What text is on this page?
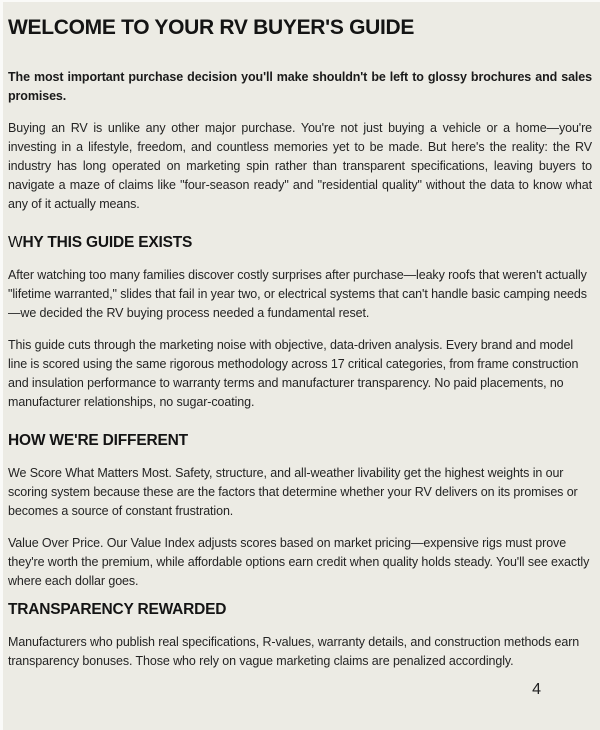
WELCOME TO YOUR RV BUYER'S GUIDE

The most important purchase decision you'll make shouldn't be left to glossy brochures and sales promises.

Buying an RV is unlike any other major purchase. You're not just buying a vehicle or a home—you're investing in a lifestyle, freedom, and countless memories yet to be made. But here's the reality: the RV industry has long operated on marketing spin rather than transparent specifications, leaving buyers to navigate a maze of claims like "four-season ready" and "residential quality" without the data to know what any of it actually means.

WHY THIS GUIDE EXISTS

After watching too many families discover costly surprises after purchase—leaky roofs that weren't actually "lifetime warranted," slides that fail in year two, or electrical systems that can't handle basic camping needs—we decided the RV buying process needed a fundamental reset.

This guide cuts through the marketing noise with objective, data-driven analysis. Every brand and model line is scored using the same rigorous methodology across 17 critical categories, from frame construction and insulation performance to warranty terms and manufacturer transparency. No paid placements, no manufacturer relationships, no sugar-coating.

HOW WE'RE DIFFERENT

We Score What Matters Most. Safety, structure, and all-weather livability get the highest weights in our scoring system because these are the factors that determine whether your RV delivers on its promises or becomes a source of constant frustration.

Value Over Price. Our Value Index adjusts scores based on market pricing—expensive rigs must prove they're worth the premium, while affordable options earn credit when quality holds steady. You'll see exactly where each dollar goes.

TRANSPARENCY REWARDED

Manufacturers who publish real specifications, R-values, warranty details, and construction methods earn transparency bonuses. Those who rely on vague marketing claims are penalized accordingly.

4
